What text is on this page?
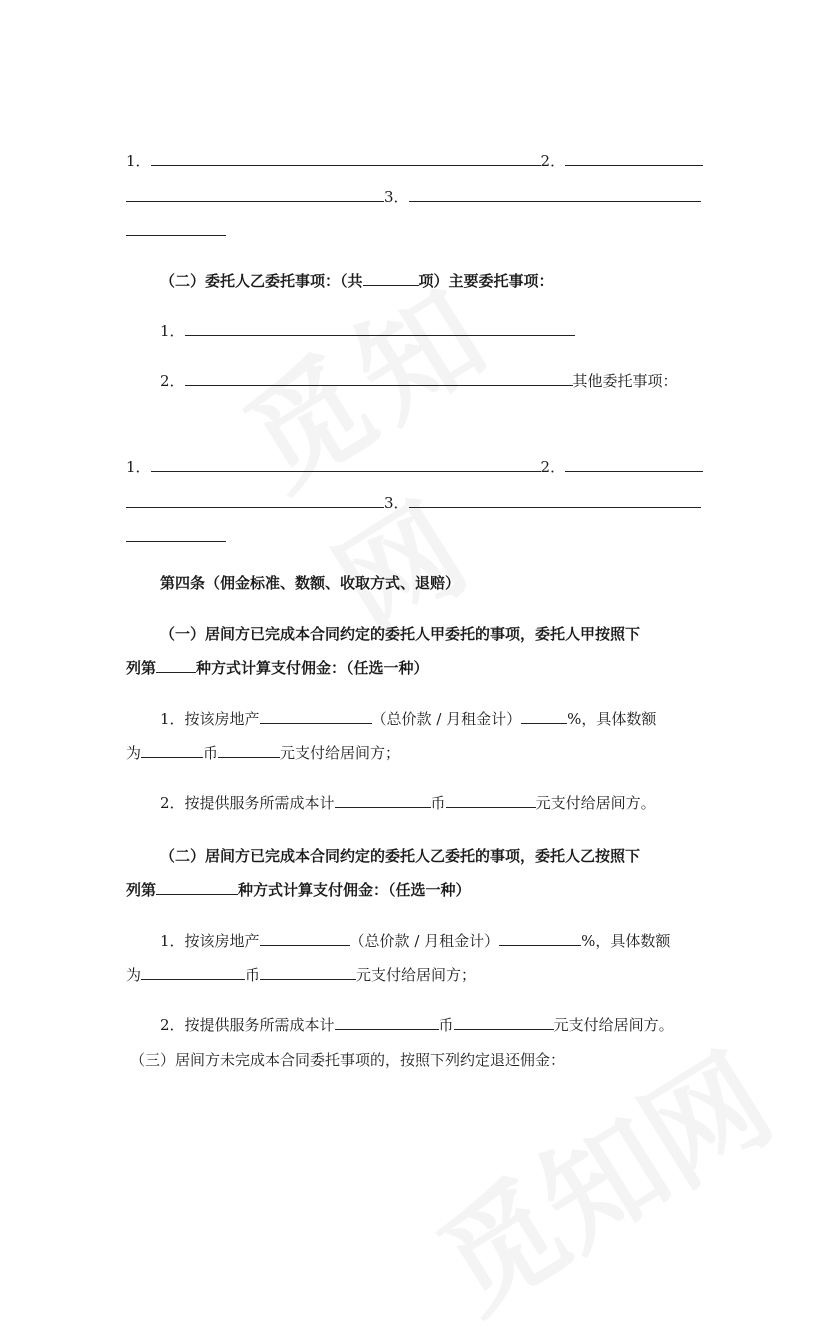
1．	2．
3．
（二）委托人乙委托事项：（共	项）主要委托事项：
1．
2．	其他委托事项：
1．	2．
3．
第四条（佣金标准、数额、收取方式、退赔）
（一）居间方已完成本合同约定的委托人甲委托的事项，委托人甲按照下
列第	种方式计算支付佣金：（任选一种）
1．按该房地产	（总价款 / 月租金计）	%，具体数额
为	币	元支付给居间方；
2．按提供服务所需成本计	币	元支付给居间方。
（二）居间方已完成本合同约定的委托人乙委托的事项，委托人乙按照下
列第	种方式计算支付佣金：（任选一种）
1．按该房地产	（总价款 / 月租金计）	%，具体数额
为	币	元支付给居间方；
2．按提供服务所需成本计	币	元支付给居间方。
（三）居间方未完成本合同委托事项的，按照下列约定退还佣金：
